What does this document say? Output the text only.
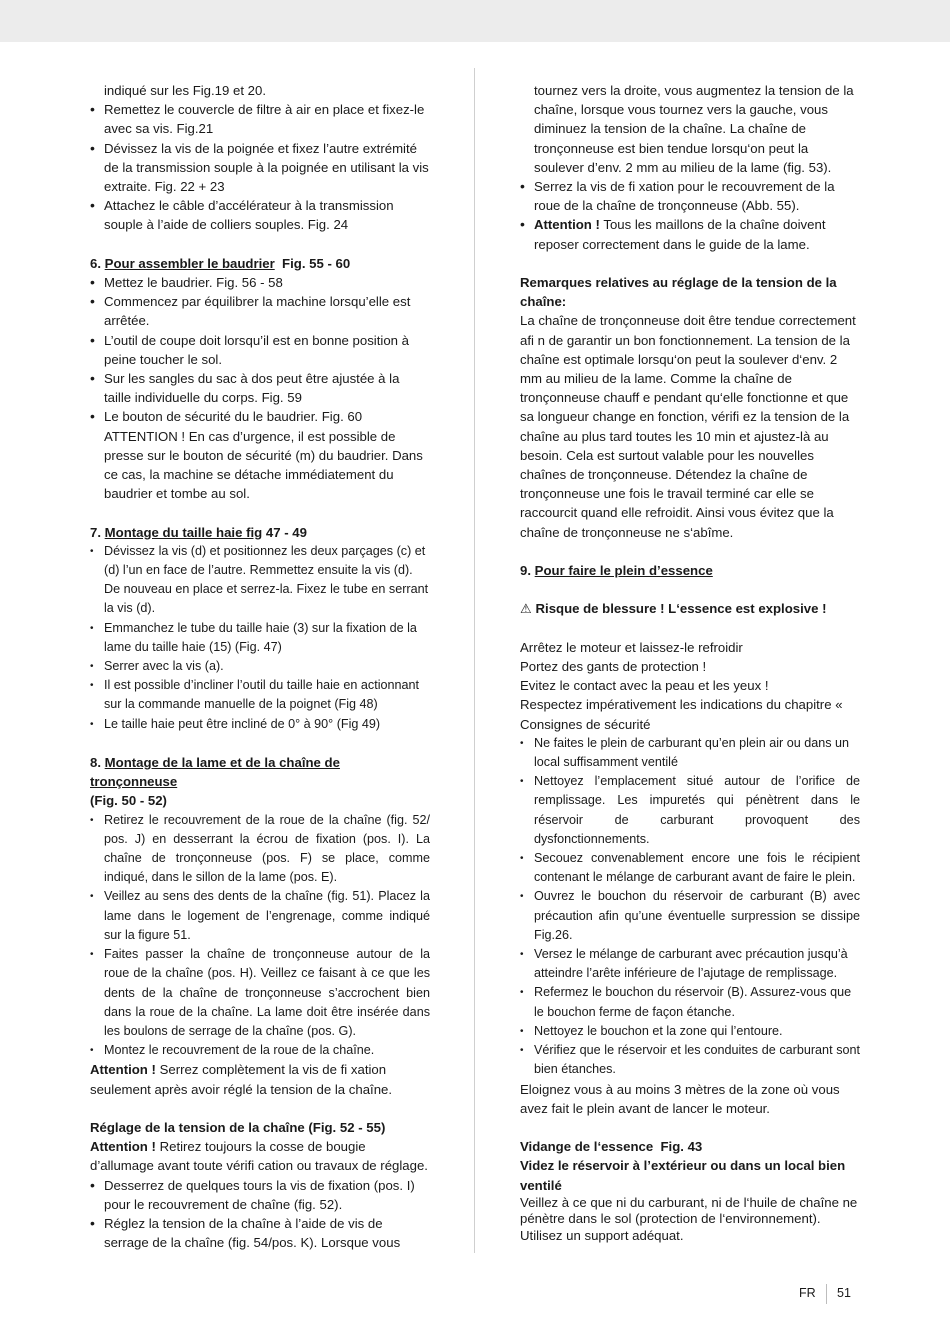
indiqué sur les Fig.19 et 20.

• Remettez le couvercle de filtre à air en place et fixez-le avec sa vis. Fig.21

• Dévissez la vis de la poignée et fixez l’autre extrémité de la transmission souple à la poignée en utilisant la vis extraite. Fig. 22 + 23

• Attachez le câble d’accélérateur à la transmission souple à l’aide de colliers souples. Fig. 24

6. Pour assembler le baudrier Fig. 55 - 60

• Mettez le baudrier. Fig. 56 - 58

• Commencez par équilibrer la machine lorsqu’elle est arrêtée.

• L’outil de coupe doit lorsqu’il est en bonne position à peine toucher le sol.

• Sur les sangles du sac à dos peut être ajustée à la taille individuelle du corps. Fig. 59

• Le bouton de sécurité du le baudrier. Fig. 60 ATTENTION ! En cas d’urgence, il est possible de presse sur le bouton de sécurité (m) du baudrier. Dans ce cas, la machine se détache immédiatement du baudrier et tombe au sol.

7. Montage du taille haie fig 47 - 49

• Dévissez la vis (d) et positionnez les deux parçages (c) et (d) l’un en face de l’autre. Remmettez ensuite la vis (d). De nouveau en place et serrez-la. Fixez le tube en serrant la vis (d).

• Emmanchez le tube du taille haie (3) sur la fixation de la lame du taille haie (15) (Fig. 47)

• Serrer avec la vis (a).

• Il est possible d’incliner l’outil du taille haie en actionnant sur la commande manuelle de la poignet (Fig 48)

• Le taille haie peut être incliné de 0° à 90° (Fig 49)

8. Montage de la lame et de la chaîne de tronçonneuse

(Fig. 50 - 52)

• Retirez le recouvrement de la roue de la chaîne (fig. 52/ pos. J) en desserrant la écrou de fixation (pos. I). La chaîne de tronçonneuse (pos. F) se place, comme indiqué, dans le sillon de la lame (pos. E).

• Veillez au sens des dents de la chaîne (fig. 51). Placez la lame dans le logement de l’engrenage, comme indiqué sur la figure 51.

• Faites passer la chaîne de tronçonneuse autour de la roue de la chaîne (pos. H). Veillez ce faisant à ce que les dents de la chaîne de tronçonneuse s’accrochent bien dans la roue de la chaîne. La lame doit être insérée dans les boulons de serrage de la chaîne (pos. G).

• Montez le recouvrement de la roue de la chaîne.

Attention ! Serrez complètement la vis de fi xation seulement après avoir réglé la tension de la chaîne.

Réglage de la tension de la chaîne (Fig. 52 - 55)

Attention ! Retirez toujours la cosse de bougie d’allumage avant toute vérifi cation ou travaux de réglage.

• Desserrez de quelques tours la vis de fixation (pos. I) pour le recouvrement de chaîne (fig. 52).

• Réglez la tension de la chaîne à l’aide de vis de serrage de la chaîne (fig. 54/pos. K). Lorsque vous

tournez vers la droite, vous augmentez la tension de la chaîne, lorsque vous tournez vers la gauche, vous diminuez la tension de la chaîne. La chaîne de tronçonneuse est bien tendue lorsqu‘on peut la soulever d’env. 2 mm au milieu de la lame (fig. 53).

• Serrez la vis de fi xation pour le recouvrement de la roue de la chaîne de tronçonneuse (Abb. 55).

• Attention ! Tous les maillons de la chaîne doivent reposer correctement dans le guide de la lame.

Remarques relatives au réglage de la tension de la chaîne:

La chaîne de tronçonneuse doit être tendue correctement afi n de garantir un bon fonctionnement. La tension de la chaîne est optimale lorsqu‘on peut la soulever d‘env. 2 mm au milieu de la lame. Comme la chaîne de tronçonneuse chauff e pendant qu‘elle fonctionne et que sa longueur change en fonction, vérifi ez la tension de la chaîne au plus tard toutes les 10 min et ajustez-là au besoin. Cela est surtout valable pour les nouvelles chaînes de tronçonneuse. Détendez la chaîne de tronçonneuse une fois le travail terminé car elle se raccourcit quand elle refroidit. Ainsi vous évitez que la chaîne de tronçonneuse ne s‘abîme.

9. Pour faire le plein d’essence

⚠ Risque de blessure ! L‘essence est explosive !

Arrêtez le moteur et laissez-le refroidir

Portez des gants de protection !

Evitez le contact avec la peau et les yeux !

Respectez impérativement les indications du chapitre « Consignes de sécurité

• Ne faites le plein de carburant qu’en plein air ou dans un local suffisamment ventilé

• Nettoyez l’emplacement situé autour de l’orifice de remplissage. Les impuretés qui pénètrent dans le réservoir de carburant provoquent des dysfonctionnements.

• Secouez convenablement encore une fois le récipient contenant le mélange de carburant avant de faire le plein.

• Ouvrez le bouchon du réservoir de carburant (B) avec précaution afin qu’une éventuelle surpression se dissipe Fig.26.

• Versez le mélange de carburant avec précaution jusqu’à atteindre l’arête inférieure de l’ajutage de remplissage.

• Refermez le bouchon du réservoir (B). Assurez-vous que le bouchon ferme de façon étanche.

• Nettoyez le bouchon et la zone qui l’entoure.

• Vérifiez que le réservoir et les conduites de carburant sont bien étanches.

Eloignez vous à au moins 3 mètres de la zone où vous avez fait le plein avant de lancer le moteur.

Vidange de l‘essence Fig. 43

Videz le réservoir à l’extérieur ou dans un local bien ventilé

Veillez à ce que ni du carburant, ni de l‘huile de chaîne ne pénètre dans le sol (protection de l‘environnement). Utilisez un support adéquat.

FR 51
